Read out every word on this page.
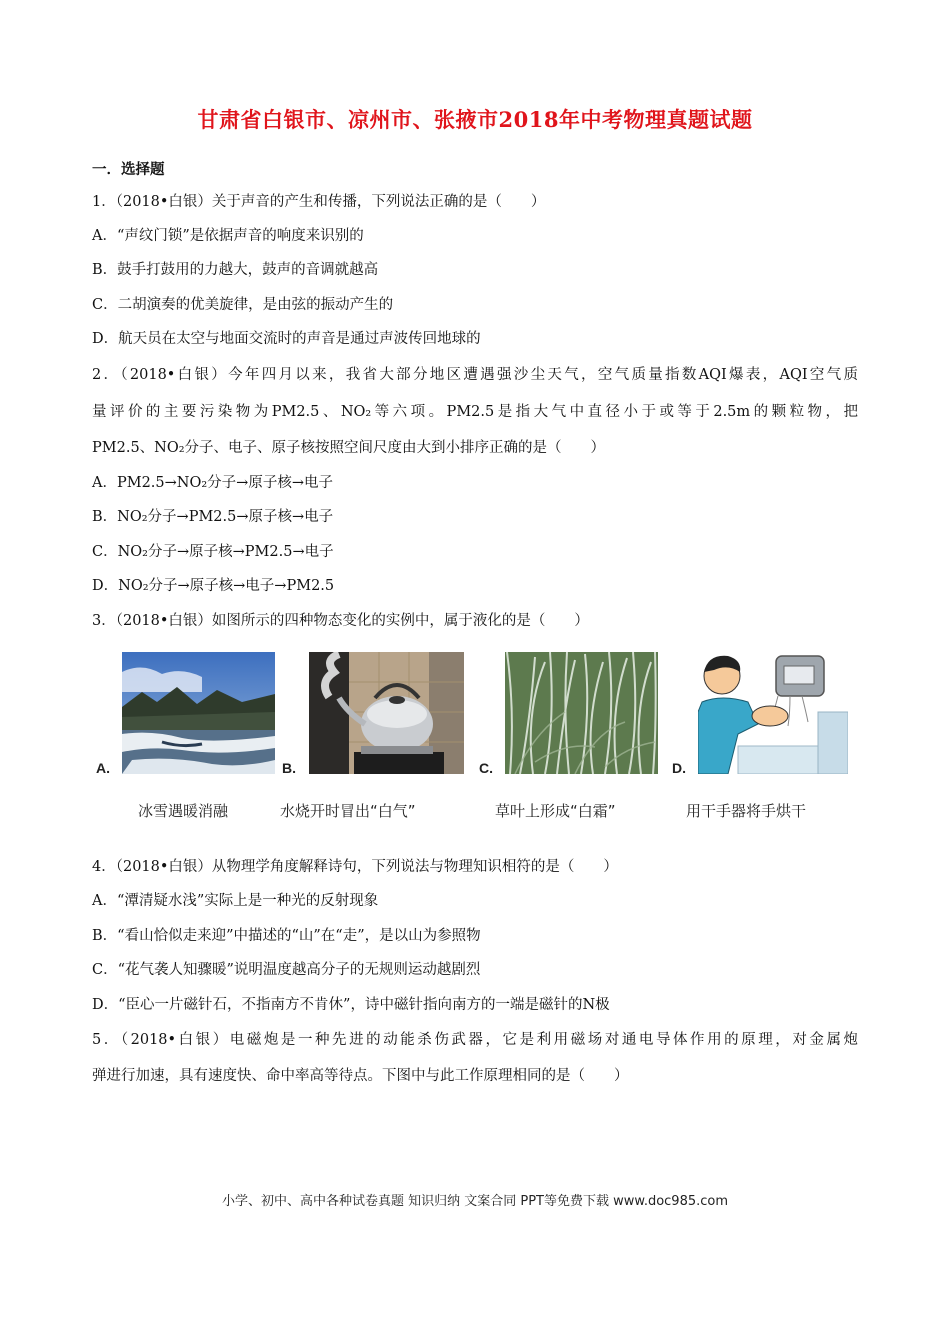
甘肃省白银市、凉州市、张掖市2018年中考物理真题试题
一．选择题
1．（2018•白银）关于声音的产生和传播，下列说法正确的是（　　）
A．“声纹门锁”是依据声音的响度来识别的
B．鼓手打鼓用的力越大，鼓声的音调就越高
C．二胡演奏的优美旋律，是由弦的振动产生的
D．航天员在太空与地面交流时的声音是通过声波传回地球的
2．（2018•白银）今年四月以来，我省大部分地区遭遇强沙尘天气，空气质量指数AQI爆表，AQI空气质
量评价的主要污染物为PM2.5、NO₂等六项。PM2.5是指大气中直径小于或等于2.5m的颗粒物，把
PM2.5、NO₂分子、电子、原子核按照空间尺度由大到小排序正确的是（　　）
A．PM2.5→NO₂分子→原子核→电子
B．NO₂分子→PM2.5→原子核→电子
C．NO₂分子→原子核→PM2.5→电子
D．NO₂分子→原子核→电子→PM2.5
3．（2018•白银）如图所示的四种物态变化的实例中，属于液化的是（　　）
A.	B.	C.	D.
冰雪遇暖消融	水烧开时冒出“白气”	草叶上形成“白霜”	用干手器将手烘干
4．（2018•白银）从物理学角度解释诗句，下列说法与物理知识相符的是（　　）
A．“潭清疑水浅”实际上是一种光的反射现象
B．“看山恰似走来迎”中描述的“山”在“走”，是以山为参照物
C．“花气袭人知骤暖”说明温度越高分子的无规则运动越剧烈
D．“臣心一片磁针石，不指南方不肯休”，诗中磁针指向南方的一端是磁针的N极
5．（2018•白银）电磁炮是一种先进的动能杀伤武器，它是利用磁场对通电导体作用的原理，对金属炮
弹进行加速，具有速度快、命中率高等待点。下图中与此工作原理相同的是（　　）
小学、初中、高中各种试卷真题 知识归纳 文案合同 PPT等免费下载 www.doc985.com
